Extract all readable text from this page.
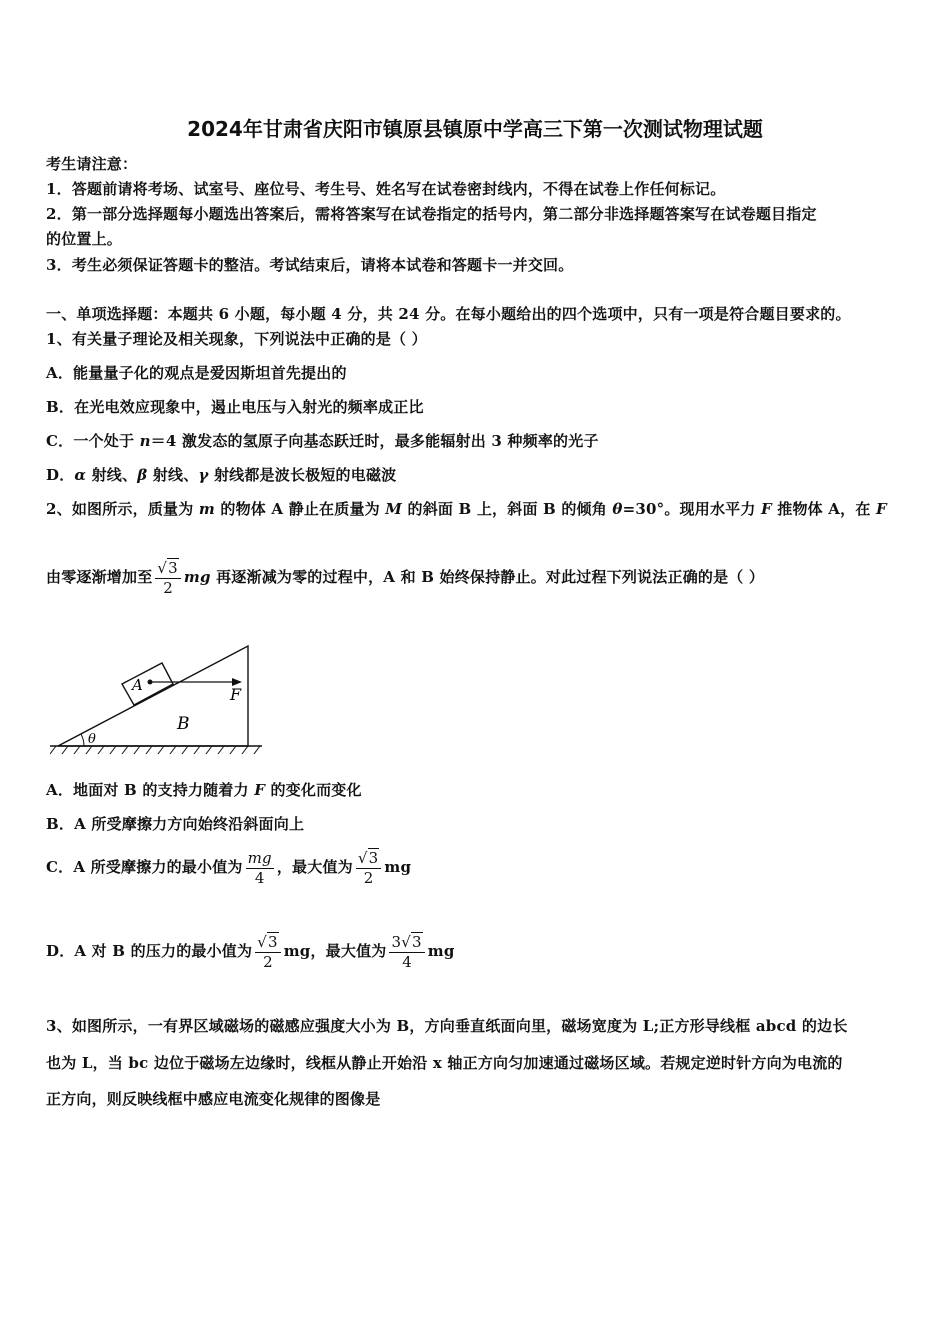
2024年甘肃省庆阳市镇原县镇原中学高三下第一次测试物理试题
考生请注意：
1．答题前请将考场、试室号、座位号、考生号、姓名写在试卷密封线内，不得在试卷上作任何标记。
2．第一部分选择题每小题选出答案后，需将答案写在试卷指定的括号内，第二部分非选择题答案写在试卷题目指定
的位置上。
3．考生必须保证答题卡的整洁。考试结束后，请将本试卷和答题卡一并交回。
一、单项选择题：本题共 6 小题，每小题 4 分，共 24 分。在每小题给出的四个选项中，只有一项是符合题目要求的。
1、有关量子理论及相关现象，下列说法中正确的是（ ）
A．能量量子化的观点是爱因斯坦首先提出的
B．在光电效应现象中，遏止电压与入射光的频率成正比
C．一个处于 n＝4 激发态的氢原子向基态跃迁时，最多能辐射出 3 种频率的光子
D．α 射线、β 射线、γ 射线都是波长极短的电磁波
2、如图所示，质量为 m 的物体 A 静止在质量为 M 的斜面 B 上，斜面 B 的倾角 θ=30°。现用水平力 F 推物体 A，在 F
由零逐渐增加至 $\frac{√3}{2}$ mg 再逐渐减为零的过程中，A 和 B 始终保持静止。对此过程下列说法正确的是（ ）
A	F
B
θ
A．地面对 B 的支持力随着力 F 的变化而变化
B．A 所受摩擦力方向始终沿斜面向上
C．A 所受摩擦力的最小值为 $\frac{mg}{4}$ ，最大值为 $\frac{√3}{2}$ mg
D．A 对 B 的压力的最小值为 $\frac{√3}{2}$ mg，最大值为 $\frac{3√3}{4}$ mg
3、如图所示，一有界区域磁场的磁感应强度大小为 B，方向垂直纸面向里，磁场宽度为 L;正方形导线框 abcd 的边长
也为 L，当 bc 边位于磁场左边缘时，线框从静止开始沿 x 轴正方向匀加速通过磁场区域。若规定逆时针方向为电流的
正方向，则反映线框中感应电流变化规律的图像是
